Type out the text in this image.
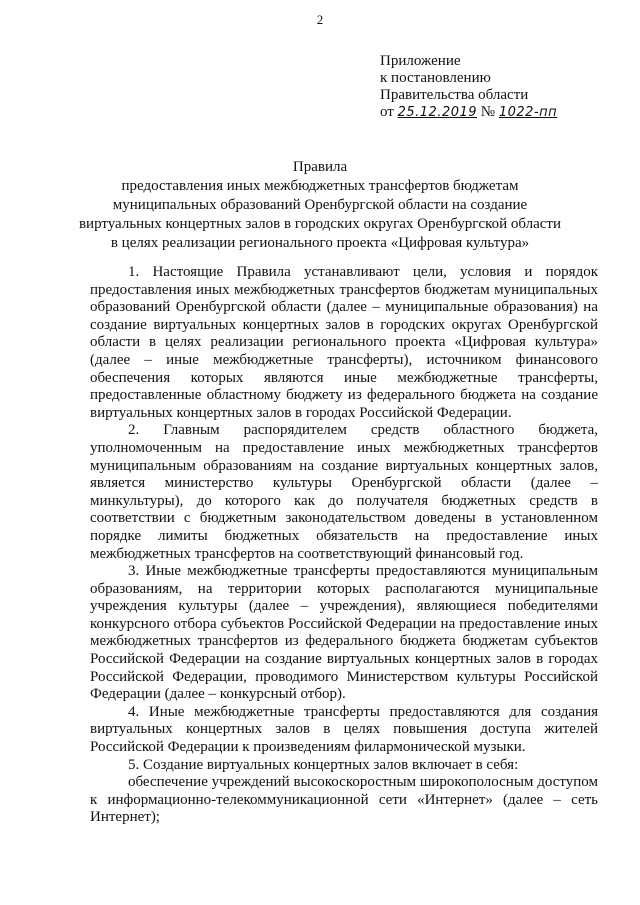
2
Приложение
к постановлению
Правительства области
от 25.12.2019 № 1022-пп
Правила
предоставления иных межбюджетных трансфертов бюджетам
муниципальных образований Оренбургской области на создание
виртуальных концертных залов в городских округах Оренбургской области
в целях реализации регионального проекта «Цифровая культура»

1. Настоящие Правила устанавливают цели, условия и порядок предоставления иных межбюджетных трансфертов бюджетам муниципальных образований Оренбургской области (далее – муниципальные образования) на создание виртуальных концертных залов в городских округах Оренбургской области в целях реализации регионального проекта «Цифровая культура» (далее – иные межбюджетные трансферты), источником финансового обеспечения которых являются иные межбюджетные трансферты, предоставленные областному бюджету из федерального бюджета на создание виртуальных концертных залов в городах Российской Федерации.

2. Главным распорядителем средств областного бюджета, уполномоченным на предоставление иных межбюджетных трансфертов муниципальным образованиям на создание виртуальных концертных залов, является министерство культуры Оренбургской области (далее – минкультуры), до которого как до получателя бюджетных средств в соответствии с бюджетным законодательством доведены в установленном порядке лимиты бюджетных обязательств на предоставление иных межбюджетных трансфертов на соответствующий финансовый год.

3. Иные межбюджетные трансферты предоставляются муниципальным образованиям, на территории которых располагаются муниципальные учреждения культуры (далее – учреждения), являющиеся победителями конкурсного отбора субъектов Российской Федерации на предоставление иных межбюджетных трансфертов из федерального бюджета бюджетам субъектов Российской Федерации на создание виртуальных концертных залов в городах Российской Федерации, проводимого Министерством культуры Российской Федерации (далее – конкурсный отбор).

4. Иные межбюджетные трансферты предоставляются для создания виртуальных концертных залов в целях повышения доступа жителей Российской Федерации к произведениям филармонической музыки.

5. Создание виртуальных концертных залов включает в себя:

обеспечение учреждений высокоскоростным широкополосным доступом к информационно-телекоммуникационной сети «Интернет» (далее – сеть Интернет);
